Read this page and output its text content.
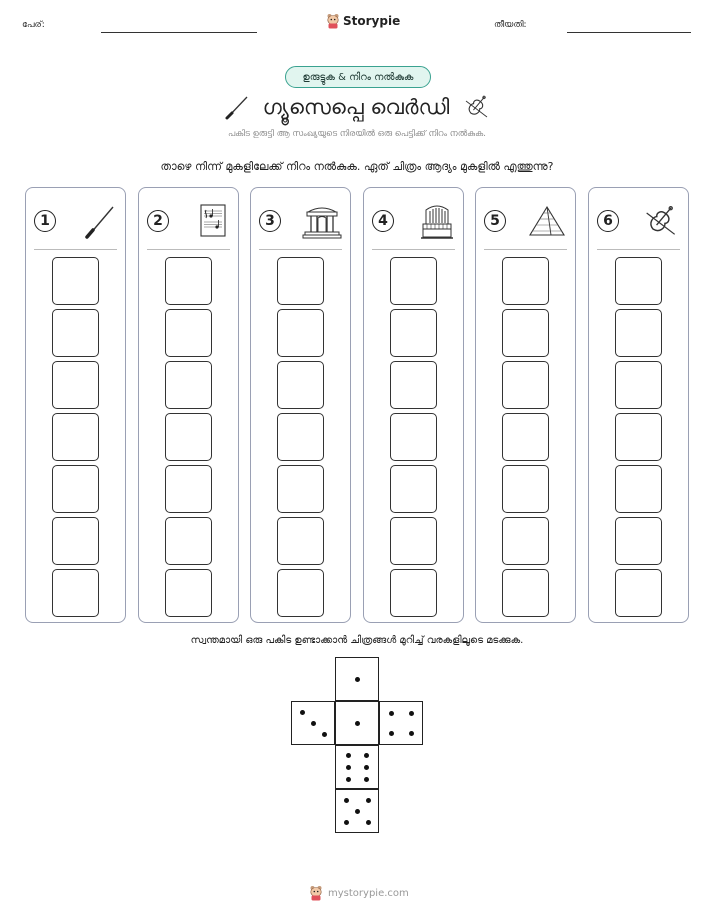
പേര്:	Storypie	തീയതി:
ഉരുട്ടുക & നിറം നൽകുക
ഗ്യൂസെപ്പെ വെർഡി
പകിട ഉരുട്ടി ആ സംഖ്യയുടെ നിരയിൽ ഒരു പെട്ടിക്ക് നിറം നൽകുക.
താഴെ നിന്ന് മുകളിലേക്ക് നിറം നൽകുക. ഏത് ചിത്രം ആദ്യം മുകളിൽ എത്തുന്നു?
1	2	3	4	5	6
സ്വന്തമായി ഒരു പകിട ഉണ്ടാക്കാൻ ചിത്രങ്ങൾ മുറിച്ച് വരകളിലൂടെ മടക്കുക.
mystorypie.com
